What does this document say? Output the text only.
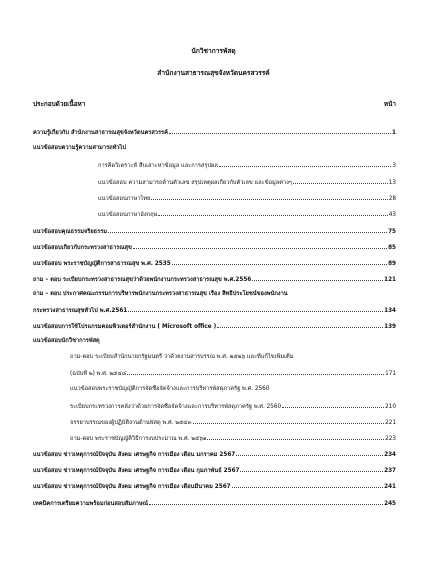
นักวิชาการพัสดุ
สำนักงานสาธารณสุขจังหวัดนครสวรรค์
ประกอบด้วยเนื้อหา	หน้า
ความรู้เกี่ยวกับ สำนักงานสาธารณสุขจังหวัดนครสวรรค์	1
แนวข้อสอบความรู้ความสามารถทั่วไป
การคิดวิเคราะห์ สืบเสาะหาข้อมูล และการสรุปผล	3
แนวข้อสอบ ความสามารถด้านตัวเลข สรุปเหตุผลเกี่ยวกับตัวเลข และข้อมูลต่างๆ	13
แนวข้อสอบภาษาไทย	28
แนวข้อสอบภาษาอังกฤษ	43
แนวข้อสอบคุณธรรมจริยธรรม	75
แนวข้อสอบเกี่ยวกับกระทรวงสาธารณสุข	85
แนวข้อสอบ พระราชบัญญัติการสาธารณสุข พ.ศ. 2535	89
ถาม – ตอบ ระเบียบกระทรวงสาธารณสุขว่าด้วยพนักงานกระทรวงสาธารณสุข พ.ศ.2556	121
ถาม – ตอบ ประกาศคณะกรรมการบริหารพนักงานกระทรวงสาธารณสุข เรื่อง สิทธิประโยชน์ของพนักงาน
กระทรวงสาธารณสุขทั่วไป พ.ศ.2561	134
แนวข้อสอบการใช้โปรแกรมคอมพิวเตอร์สำนักงาน ( Microsoft office )	139
แนวข้อสอบนักวิชาการพัสดุ
ถาม-ตอบ ระเบียบสำนักนายกรัฐมนตรี ว่าด้วยงานสารบรรณ พ.ศ. ๒๕๒๖ และที่แก้ไขเพิ่มเติม
(ฉบับที่ ๒) พ.ศ. ๒๕๔๘	171
แนวข้อสอบพระราชบัญญัติการจัดซื้อจัดจ้างและการบริหารพัสดุภาครัฐ พ.ศ. 2560
ระเบียบกระทรวงการคลังว่าด้วยการจัดซื้อจัดจ้างและการบริหารพัสดุภาครัฐ พ.ศ. 2560	210
จรรยาบรรณของผู้ปฏิบัติงานด้านพัสดุ พ.ศ. ๒๕๔๓	221
ถาม-ตอบ พระราชบัญญัติวิธีการงบประมาณ พ.ศ. ๒๕๖๑	223
แนวข้อสอบ ข่าวเหตุการณ์ปัจจุบัน สังคม เศรษฐกิจ การเมือง เดือน มกราคม 2567	234
แนวข้อสอบ ข่าวเหตุการณ์ปัจจุบัน สังคม เศรษฐกิจ การเมือง เดือน กุมภาพันธ์ 2567	237
แนวข้อสอบ ข่าวเหตุการณ์ปัจจุบัน สังคม เศรษฐกิจ การเมือง เดือนมีนาคม 2567	241
เทคนิคการเตรียมความพร้อมก่อนสอบสัมภาษณ์	245
